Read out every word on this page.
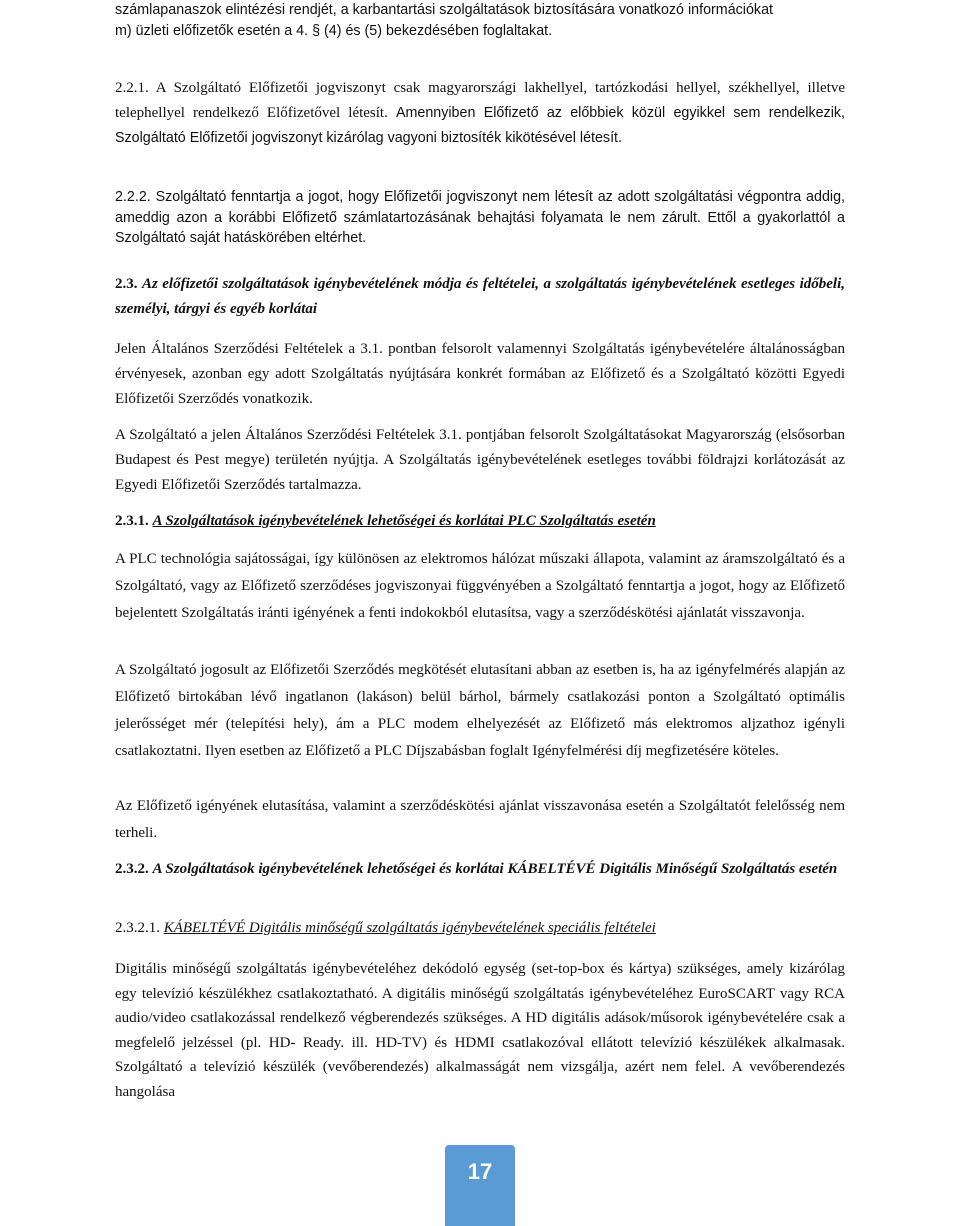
számlapanaszok elintézési rendjét, a karbantartási szolgáltatások biztosítására vonatkozó információkat

m) üzleti előfizetők esetén a 4. § (4) és (5) bekezdésében foglaltakat.

2.2.1. A Szolgáltató Előfizetői jogviszonyt csak magyarországi lakhellyel, tartózkodási hellyel, székhellyel, illetve telephellyel rendelkező Előfizetővel létesít. Amennyiben Előfizető az előbbiek közül egyikkel sem rendelkezik, Szolgáltató Előfizetői jogviszonyt kizárólag vagyoni biztosíték kikötésével létesít.

2.2.2. Szolgáltató fenntartja a jogot, hogy Előfizetői jogviszonyt nem létesít az adott szolgáltatási végpontra addig, ameddig azon a korábbi Előfizető számlatartozásának behajtási folyamata le nem zárult. Ettől a gyakorlattól a Szolgáltató saját hatáskörében eltérhet.

2.3. Az előfizetői szolgáltatások igénybevételének módja és feltételei, a szolgáltatás igénybevételének esetleges időbeli, személyi, tárgyi és egyéb korlátai

Jelen Általános Szerződési Feltételek a 3.1. pontban felsorolt valamennyi Szolgáltatás igénybevételére általánosságban érvényesek, azonban egy adott Szolgáltatás nyújtására konkrét formában az Előfizető és a Szolgáltató közötti Egyedi Előfizetői Szerződés vonatkozik.

A Szolgáltató a jelen Általános Szerződési Feltételek 3.1. pontjában felsorolt Szolgáltatásokat Magyarország (elsősorban Budapest és Pest megye) területén nyújtja. A Szolgáltatás igénybevételének esetleges további földrajzi korlátozását az Egyedi Előfizetői Szerződés tartalmazza.

2.3.1. A Szolgáltatások igénybevételének lehetőségei és korlátai PLC Szolgáltatás esetén

A PLC technológia sajátosságai, így különösen az elektromos hálózat műszaki állapota, valamint az áramszolgáltató és a Szolgáltató, vagy az Előfizető szerződéses jogviszonyai függvényében a Szolgáltató fenntartja a jogot, hogy az Előfizető bejelentett Szolgáltatás iránti igényének a fenti indokokból elutasítsa, vagy a szerződéskötési ajánlatát visszavonja.

A Szolgáltató jogosult az Előfizetői Szerződés megkötését elutasítani abban az esetben is, ha az igényfelmérés alapján az Előfizető birtokában lévő ingatlanon (lakáson) belül bárhol, bármely csatlakozási ponton a Szolgáltató optimális jelerősséget mér (telepítési hely), ám a PLC modem elhelyezését az Előfizető más elektromos aljzathoz igényli csatlakoztatni. Ilyen esetben az Előfizető a PLC Díjszabásban foglalt Igényfelmérési díj megfizetésére köteles.

Az Előfizető igényének elutasítása, valamint a szerződéskötési ajánlat visszavonása esetén a Szolgáltatót felelősség nem terheli.

2.3.2. A Szolgáltatások igénybevételének lehetőségei és korlátai KÁBELTÉVÉ Digitális Minőségű Szolgáltatás esetén

2.3.2.1. KÁBELTÉVÉ Digitális minőségű szolgáltatás igénybevételének speciális feltételei

Digitális minőségű szolgáltatás igénybevételéhez dekódoló egység (set-top-box és kártya) szükséges, amely kizárólag egy televízió készülékhez csatlakoztatható. A digitális minőségű szolgáltatás igénybevételéhez EuroSCART vagy RCA audio/video csatlakozással rendelkező végberendezés szükséges. A HD digitális adások/műsorok igénybevételére csak a megfelelő jelzéssel (pl. HD- Ready. ill. HD-TV) és HDMI csatlakozóval ellátott televízió készülékek alkalmasak. Szolgáltató a televízió készülék (vevőberendezés) alkalmasságát nem vizsgálja, azért nem felel. A vevőberendezés hangolása

17
